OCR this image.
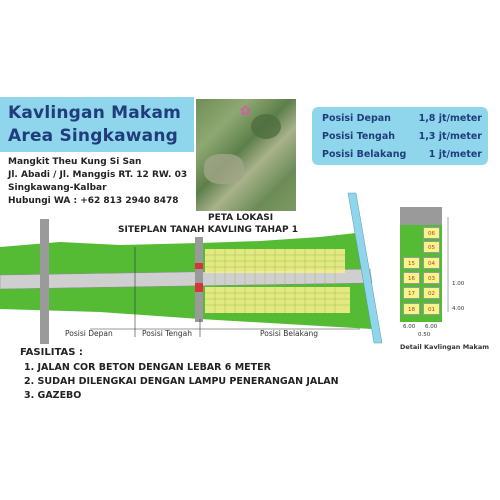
Kavlingan Makam
Area Singkawang
✿	Posisi Depan	1,8 jt/meter
Posisi Tengah 1,3 jt/meter
Posisi Belakang 1 jt/meter
Mangkit Theu Kung Si San
Jl. Abadi / Jl. Manggis RT. 12 RW. 03
Singkawang-Kalbar
Hubungi WA : +62 813 2940 8478
PETA LOKASI
SITEPLAN TANAH KAVLING TAHAP 1
Posisi Depan	Posisi Tengah	Posisi Belakang
FASILITAS :
1. JALAN COR BETON DENGAN LEBAR 6 METER
2. SUDAH DILENGKAI DENGAN LAMPU PENERANGAN JALAN
3. GAZEBO
06
05
15	04
16	03
17	02
18	01
1.00
4.00
6.00 6.00
0.50
Detail Kavlingan Makam
